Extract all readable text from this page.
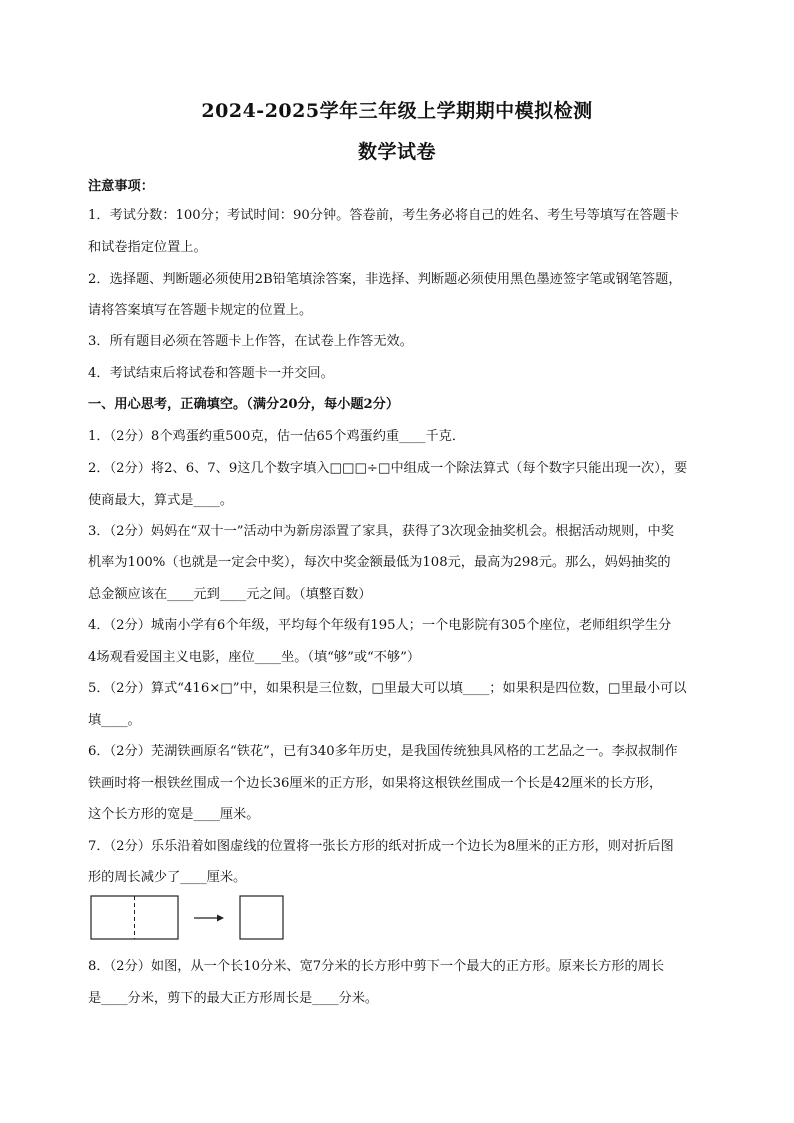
2024-2025学年三年级上学期期中模拟检测
数学试卷
注意事项：
1．考试分数：100分；考试时间：90分钟。答卷前，考生务必将自己的姓名、考生号等填写在答题卡
和试卷指定位置上。
2．选择题、判断题必须使用2B铅笔填涂答案，非选择、判断题必须使用黑色墨迹签字笔或钢笔答题，
请将答案填写在答题卡规定的位置上。
3．所有题目必须在答题卡上作答，在试卷上作答无效。
4．考试结束后将试卷和答题卡一并交回。
一、用心思考，正确填空。（满分20分，每小题2分）
1．（2分）8个鸡蛋约重500克，估一估65个鸡蛋约重____千克．
2．（2分）将2、6、7、9这几个数字填入□□□÷□中组成一个除法算式（每个数字只能出现一次），要
使商最大，算式是____。
3．（2分）妈妈在“双十一”活动中为新房添置了家具，获得了3次现金抽奖机会。根据活动规则，中奖
机率为100%（也就是一定会中奖），每次中奖金额最低为108元，最高为298元。那么，妈妈抽奖的
总金额应该在____元到____元之间。（填整百数）
4．（2分）城南小学有6个年级，平均每个年级有195人；一个电影院有305个座位，老师组织学生分
4场观看爱国主义电影，座位____坐。（填“够”或“不够”）
5．（2分）算式“416×□”中，如果积是三位数，□里最大可以填____；如果积是四位数，□里最小可以
填____。
6．（2分）芜湖铁画原名“铁花”，已有340多年历史，是我国传统独具风格的工艺品之一。李叔叔制作
铁画时将一根铁丝围成一个边长36厘米的正方形，如果将这根铁丝围成一个长是42厘米的长方形，
这个长方形的宽是____厘米。
7．（2分）乐乐沿着如图虚线的位置将一张长方形的纸对折成一个边长为8厘米的正方形，则对折后图
形的周长减少了____厘米。
8．（2分）如图，从一个长10分米、宽7分米的长方形中剪下一个最大的正方形。原来长方形的周长
是____分米，剪下的最大正方形周长是____分米。
